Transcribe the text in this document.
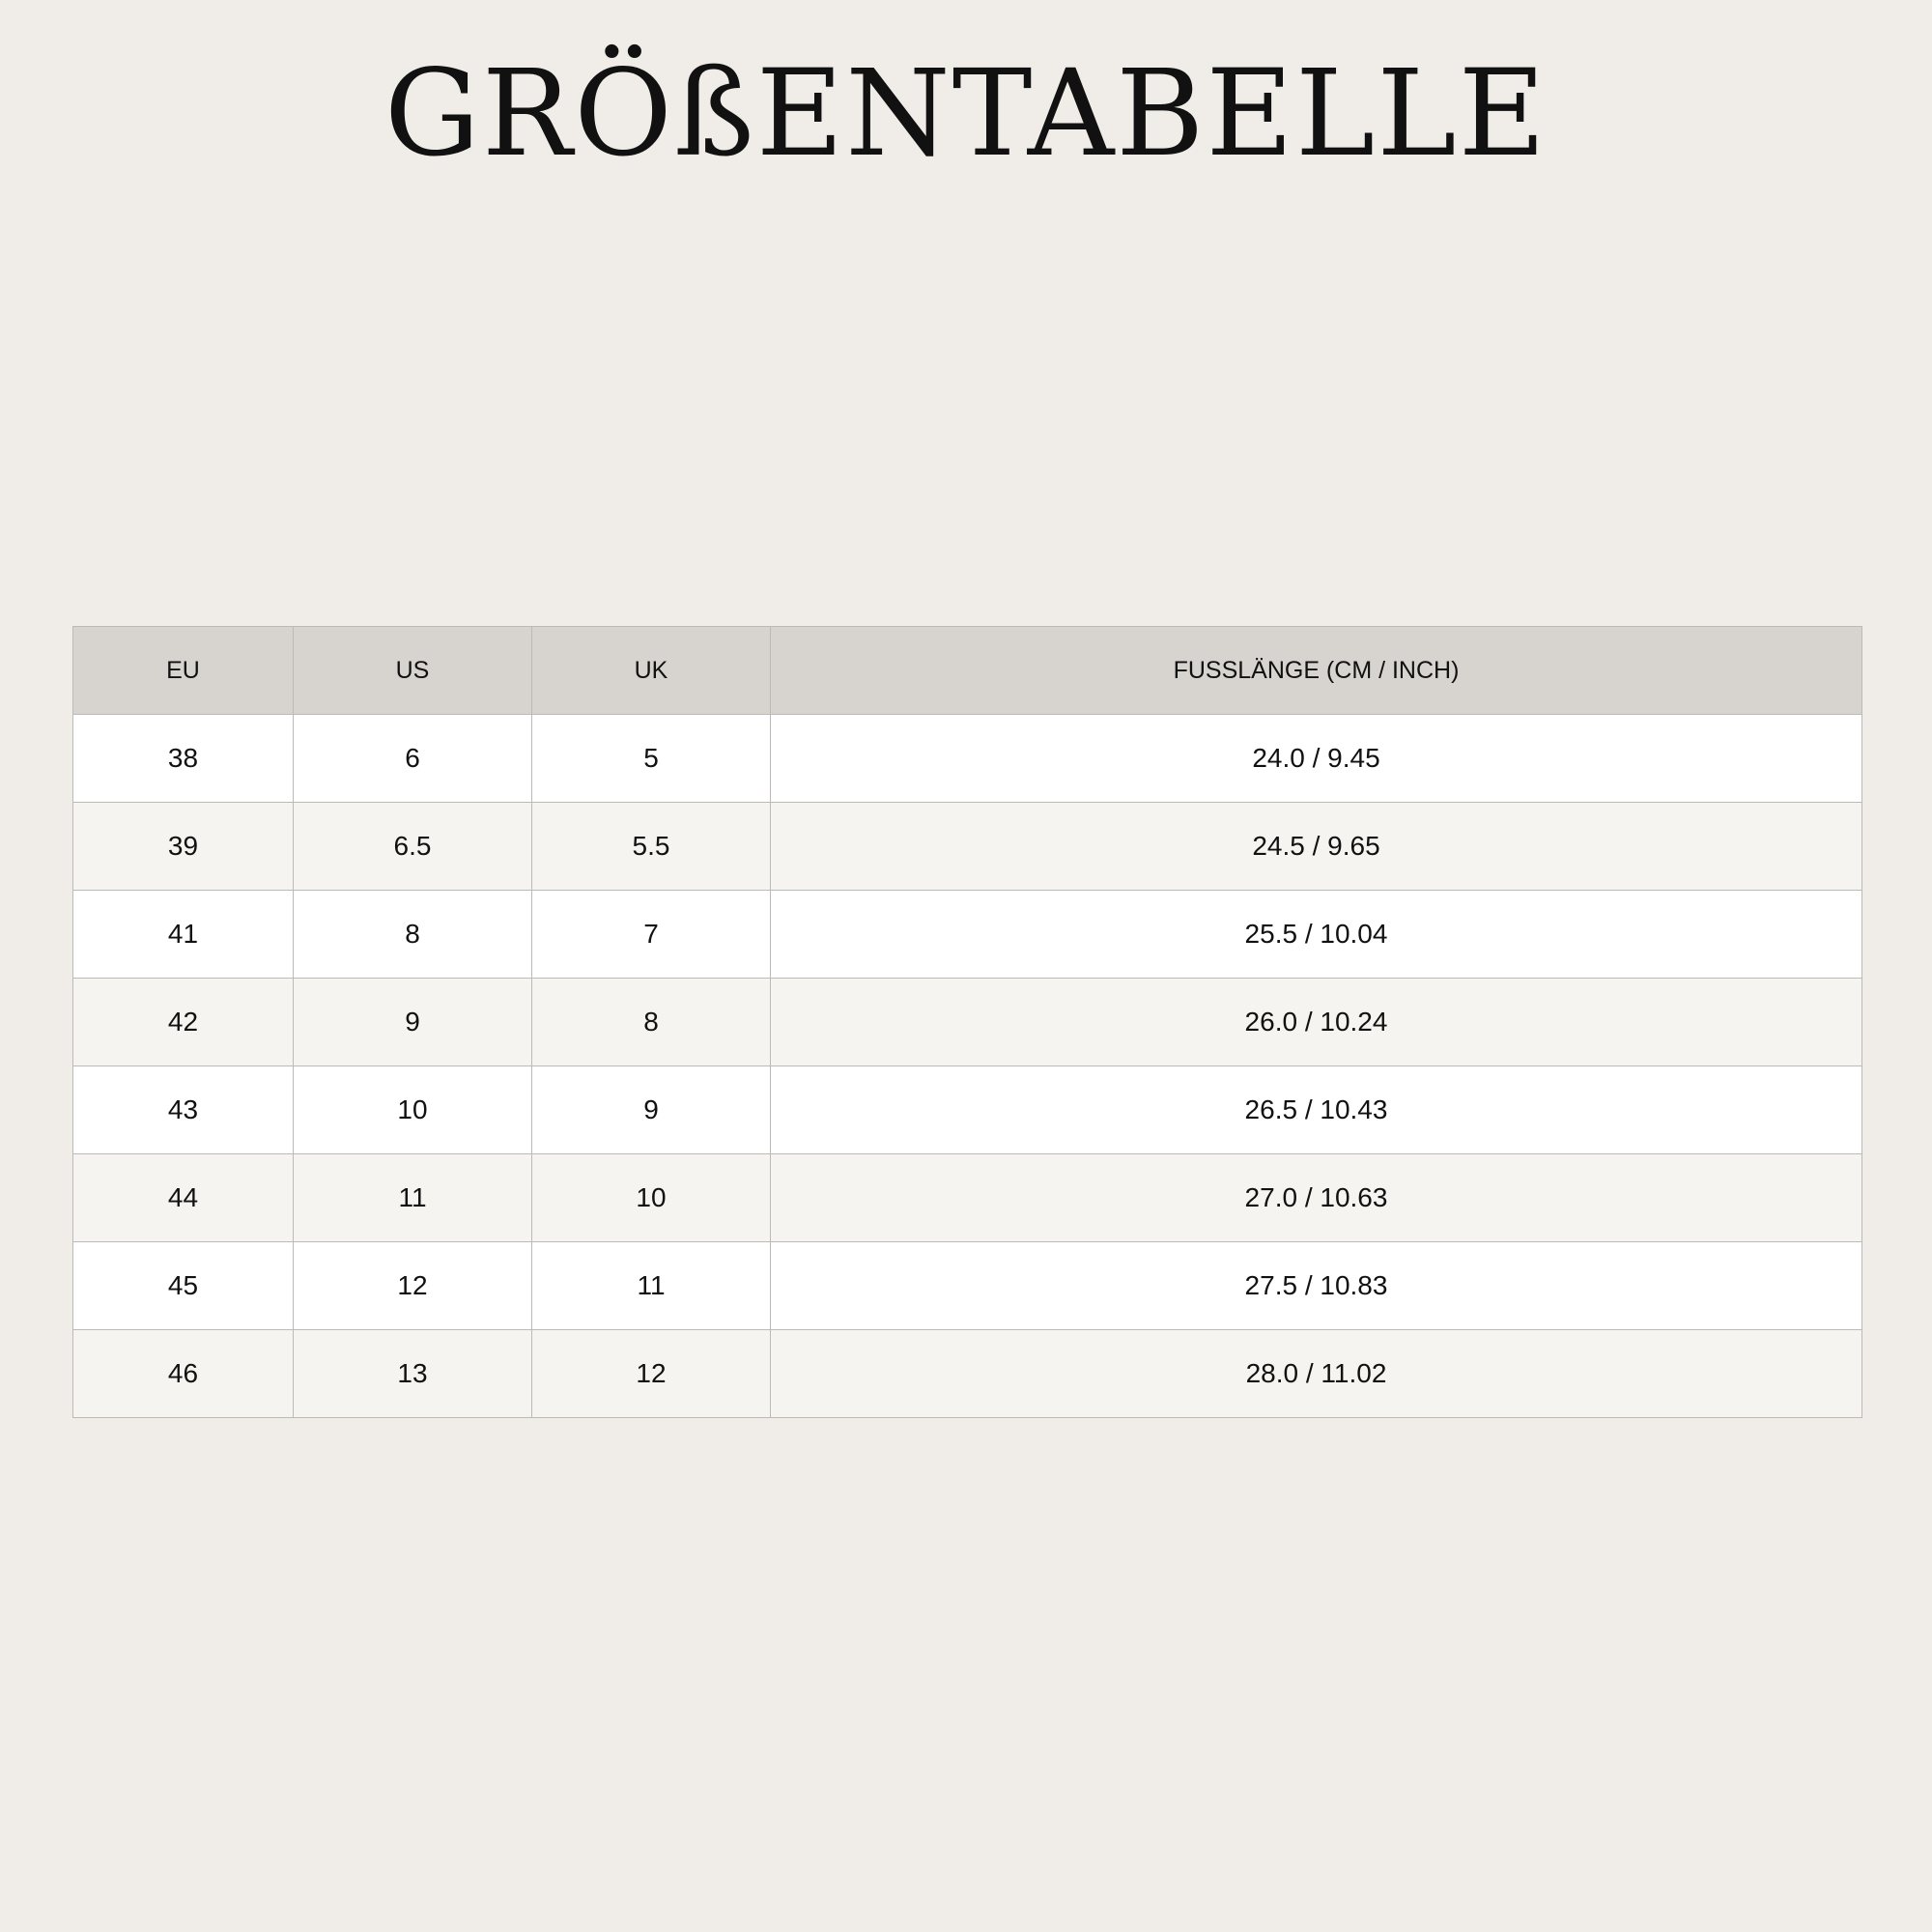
GRÖßENTABELLE
EU	US	UK	FUSSLÄNGE (CM / INCH)
38	6	5	24.0 / 9.45
39	6.5	5.5	24.5 / 9.65
41	8	7	25.5 / 10.04
42	9	8	26.0 / 10.24
43	10	9	26.5 / 10.43
44	11	10	27.0 / 10.63
45	12	11	27.5 / 10.83
46	13	12	28.0 / 11.02
